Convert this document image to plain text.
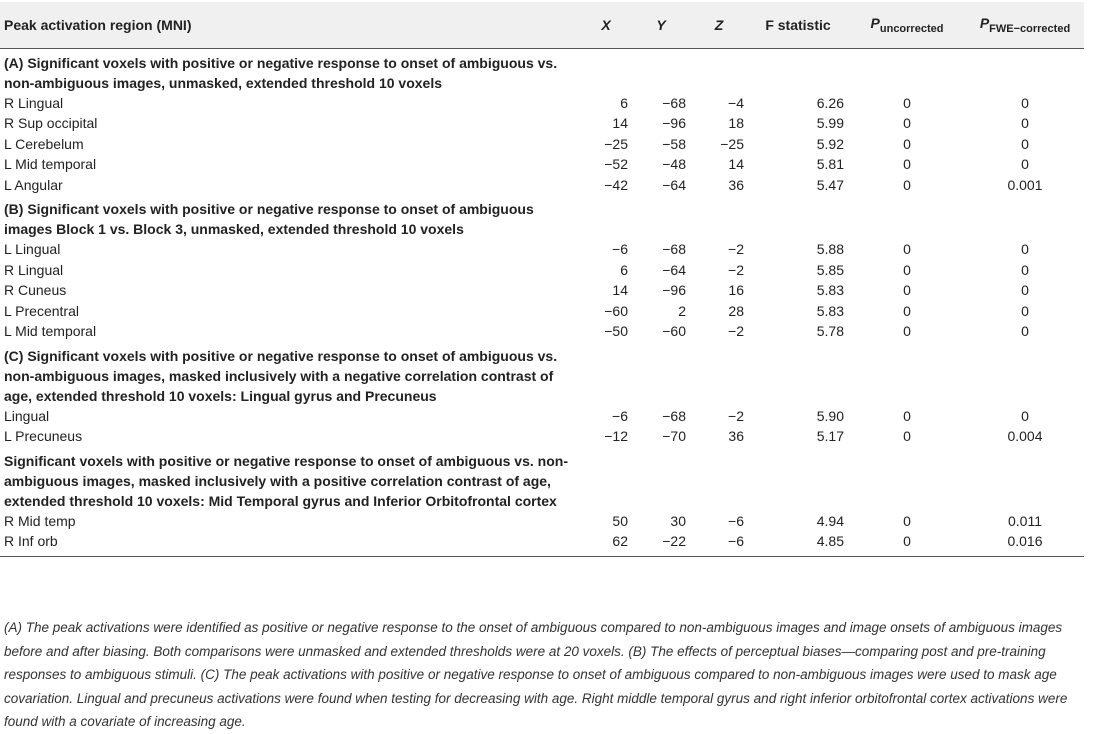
Peak activation region (MNI)	X	Y	Z	F statistic	$P_{uncorrected}$	$P_{FWE-corrected}$
(A) Significant voxels with positive or negative response to onset of ambiguous vs. non-ambiguous images, unmasked, extended threshold 10 voxels						
R Lingual	6	−68	−4	6.26	0	0
R Sup occipital	14	−96	18	5.99	0	0
L Cerebelum	−25	−58	−25	5.92	0	0
L Mid temporal	−52	−48	14	5.81	0	0
L Angular	−42	−64	36	5.47	0	0.001
(B) Significant voxels with positive or negative response to onset of ambiguous images Block 1 vs. Block 3, unmasked, extended threshold 10 voxels						
L Lingual	−6	−68	−2	5.88	0	0
R Lingual	6	−64	−2	5.85	0	0
R Cuneus	14	−96	16	5.83	0	0
L Precentral	−60	2	28	5.83	0	0
L Mid temporal	−50	−60	−2	5.78	0	0
(C) Significant voxels with positive or negative response to onset of ambiguous vs. non-ambiguous images, masked inclusively with a negative correlation contrast of age, extended threshold 10 voxels: Lingual gyrus and Precuneus						
Lingual	−6	−68	−2	5.90	0	0
L Precuneus	−12	−70	36	5.17	0	0.004
Significant voxels with positive or negative response to onset of ambiguous vs. non-ambiguous images, masked inclusively with a positive correlation contrast of age, extended threshold 10 voxels: Mid Temporal gyrus and Inferior Orbitofrontal cortex						
R Mid temp	50	30	−6	4.94	0	0.011
R Inf orb	62	−22	−6	4.85	0	0.016
(A) The peak activations were identified as positive or negative response to the onset of ambiguous compared to non-ambiguous images and image onsets of ambiguous images before and after biasing. Both comparisons were unmasked and extended thresholds were at 20 voxels. (B) The effects of perceptual biases—comparing post and pre-training responses to ambiguous stimuli. (C) The peak activations with positive or negative response to onset of ambiguous compared to non-ambiguous images were used to mask age covariation. Lingual and precuneus activations were found when testing for decreasing with age. Right middle temporal gyrus and right inferior orbitofrontal cortex activations were found with a covariate of increasing age.
